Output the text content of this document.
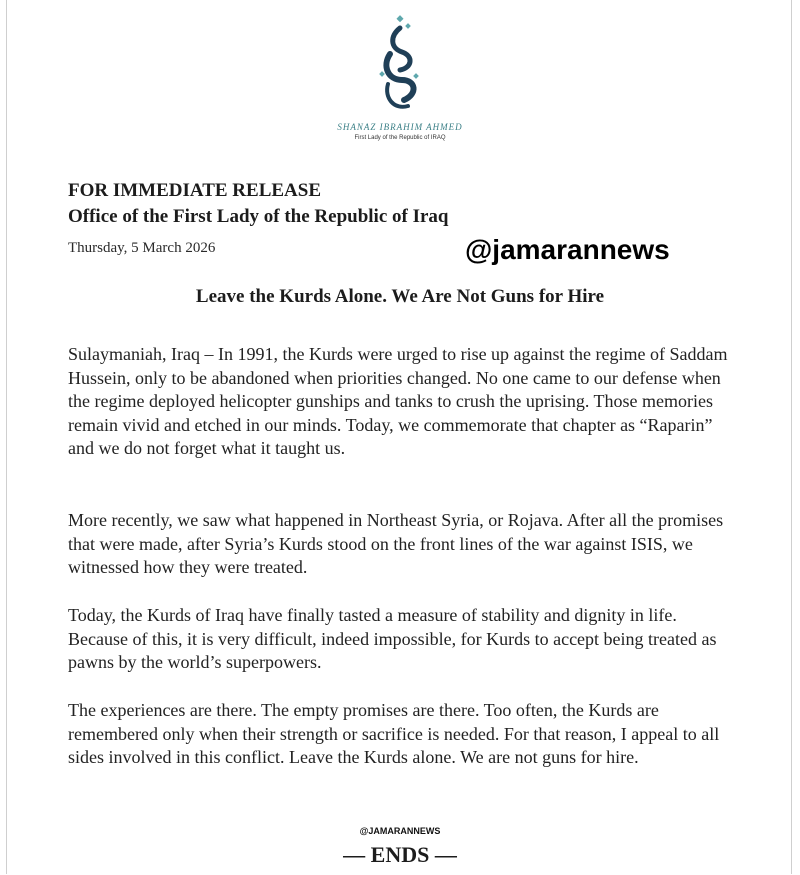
SHANAZ IBRAHIM AHMED
First Lady of the Republic of IRAQ
FOR IMMEDIATE RELEASE
Office of the First Lady of the Republic of Iraq
Thursday, 5 March 2026	@jamarannews
Leave the Kurds Alone. We Are Not Guns for Hire

Sulaymaniah, Iraq – In 1991, the Kurds were urged to rise up against the regime of Saddam Hussein, only to be abandoned when priorities changed. No one came to our defense when the regime deployed helicopter gunships and tanks to crush the uprising. Those memories remain vivid and etched in our minds. Today, we commemorate that chapter as “Raparin” and we do not forget what it taught us.

More recently, we saw what happened in Northeast Syria, or Rojava. After all the promises that were made, after Syria’s Kurds stood on the front lines of the war against ISIS, we witnessed how they were treated.

Today, the Kurds of Iraq have finally tasted a measure of stability and dignity in life. Because of this, it is very difficult, indeed impossible, for Kurds to accept being treated as pawns by the world’s superpowers.

The experiences are there. The empty promises are there. Too often, the Kurds are remembered only when their strength or sacrifice is needed. For that reason, I appeal to all sides involved in this conflict. Leave the Kurds alone. We are not guns for hire.

@JAMARANNEWS
— ENDS —
